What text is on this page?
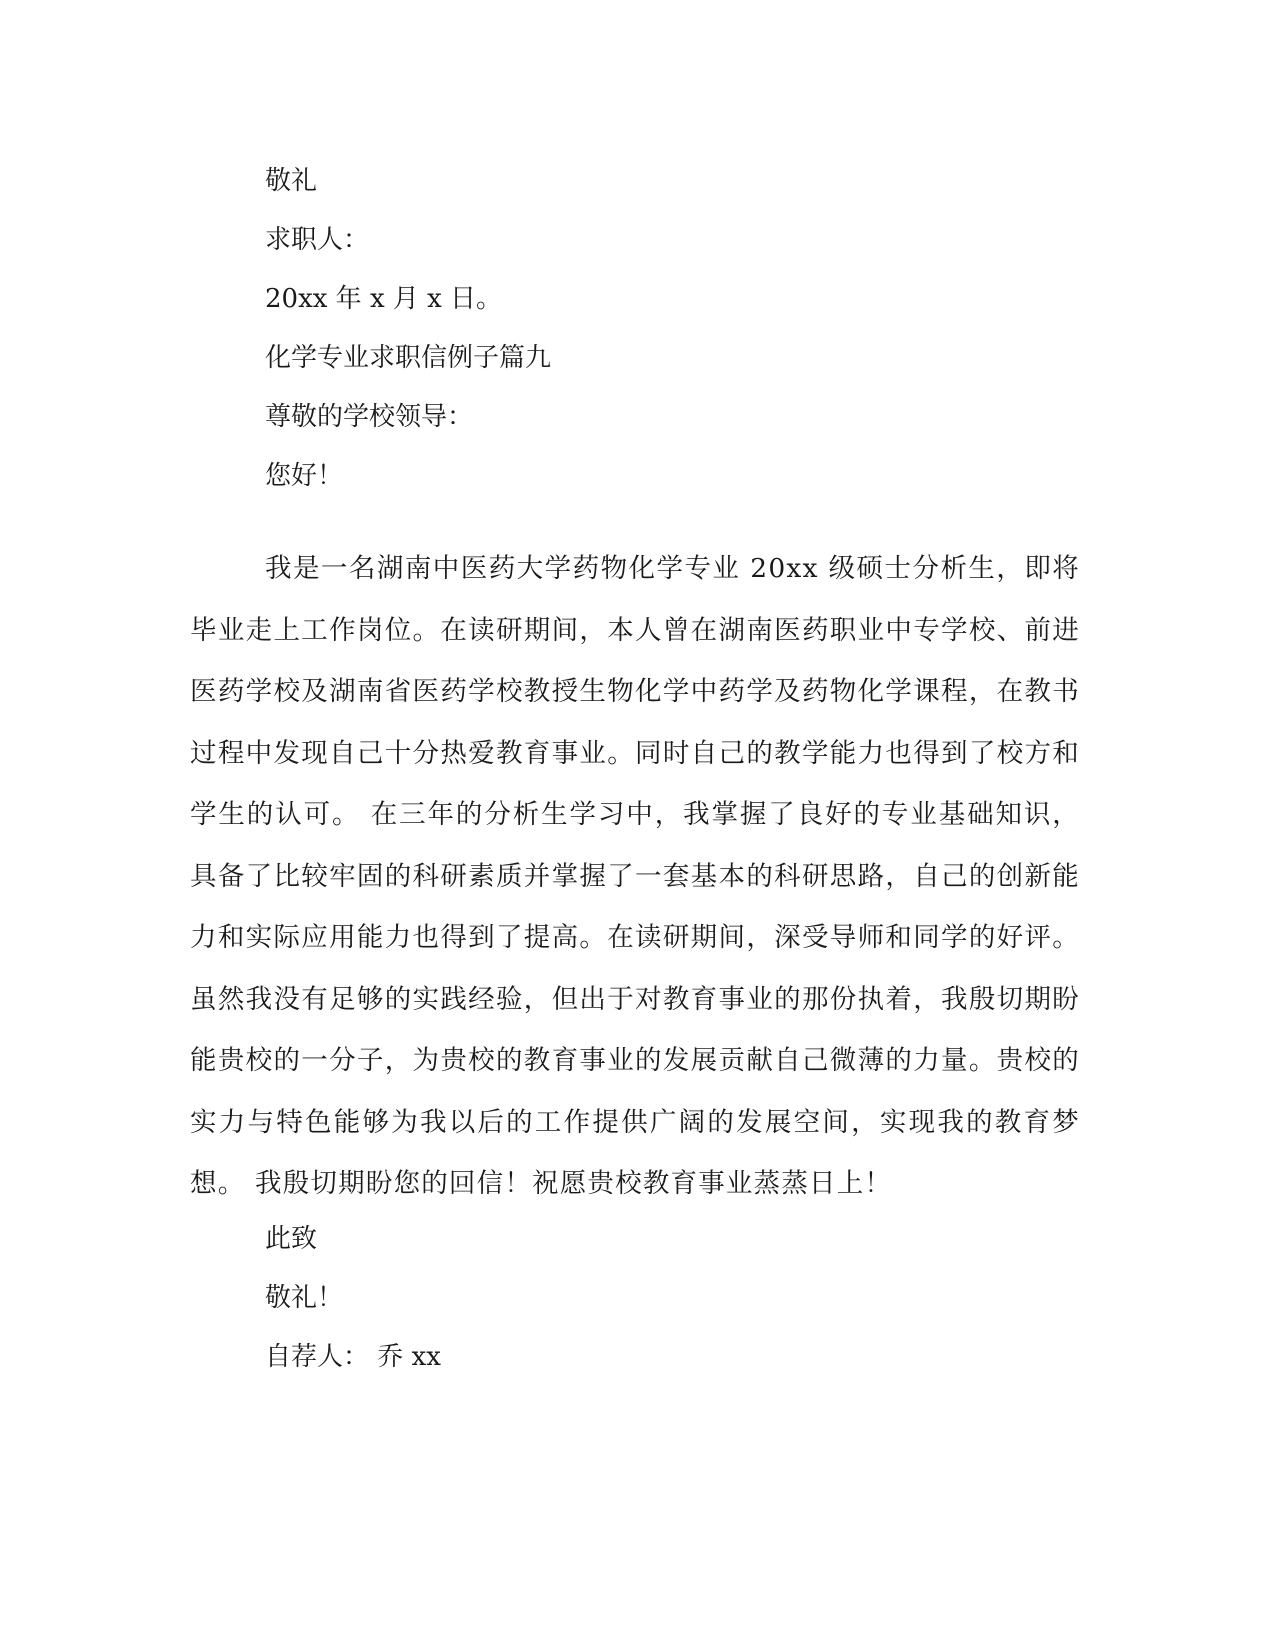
敬礼

求职人：

20xx 年 x 月 x 日。

化学专业求职信例子篇九

尊敬的学校领导：

您好！

我是一名湖南中医药大学药物化学专业 20xx 级硕士分析生，即将毕业走上工作岗位。在读研期间，本人曾在湖南医药职业中专学校、前进医药学校及湖南省医药学校教授生物化学中药学及药物化学课程，在教书过程中发现自己十分热爱教育事业。同时自己的教学能力也得到了校方和学生的认可。 在三年的分析生学习中，我掌握了良好的专业基础知识，具备了比较牢固的科研素质并掌握了一套基本的科研思路，自己的创新能力和实际应用能力也得到了提高。在读研期间，深受导师和同学的好评。虽然我没有足够的实践经验，但出于对教育事业的那份执着，我殷切期盼能贵校的一分子，为贵校的教育事业的发展贡献自己微薄的力量。贵校的实力与特色能够为我以后的工作提供广阔的发展空间，实现我的教育梦想。 我殷切期盼您的回信！祝愿贵校教育事业蒸蒸日上！

此致

敬礼！

自荐人： 乔 xx
